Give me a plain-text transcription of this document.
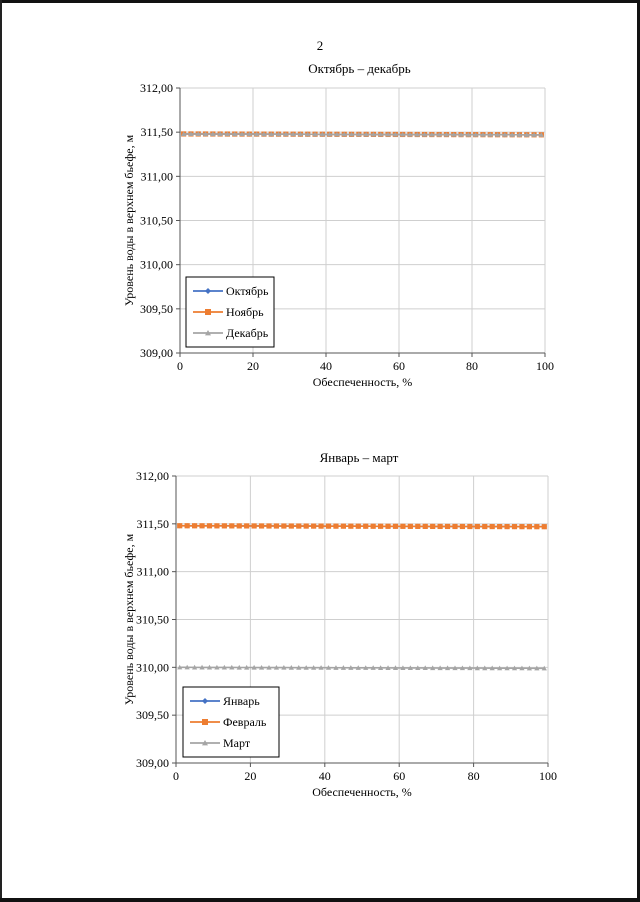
2
Октябрь – декабрь
309,00
309,50
310,00
310,50
311,00
311,50
312,00
0	20	40	60	80	100
Обеспеченность, %
Уровень воды в верхнем бьефе, м	Октябрь
Ноябрь
Декабрь
Январь – март
309,00
309,50
310,00
310,50
311,00
311,50
312,00
0	20	40	60	80	100
Обеспеченность, %
Уровень воды в верхнем бьефе, м	Январь
Февраль
Март
